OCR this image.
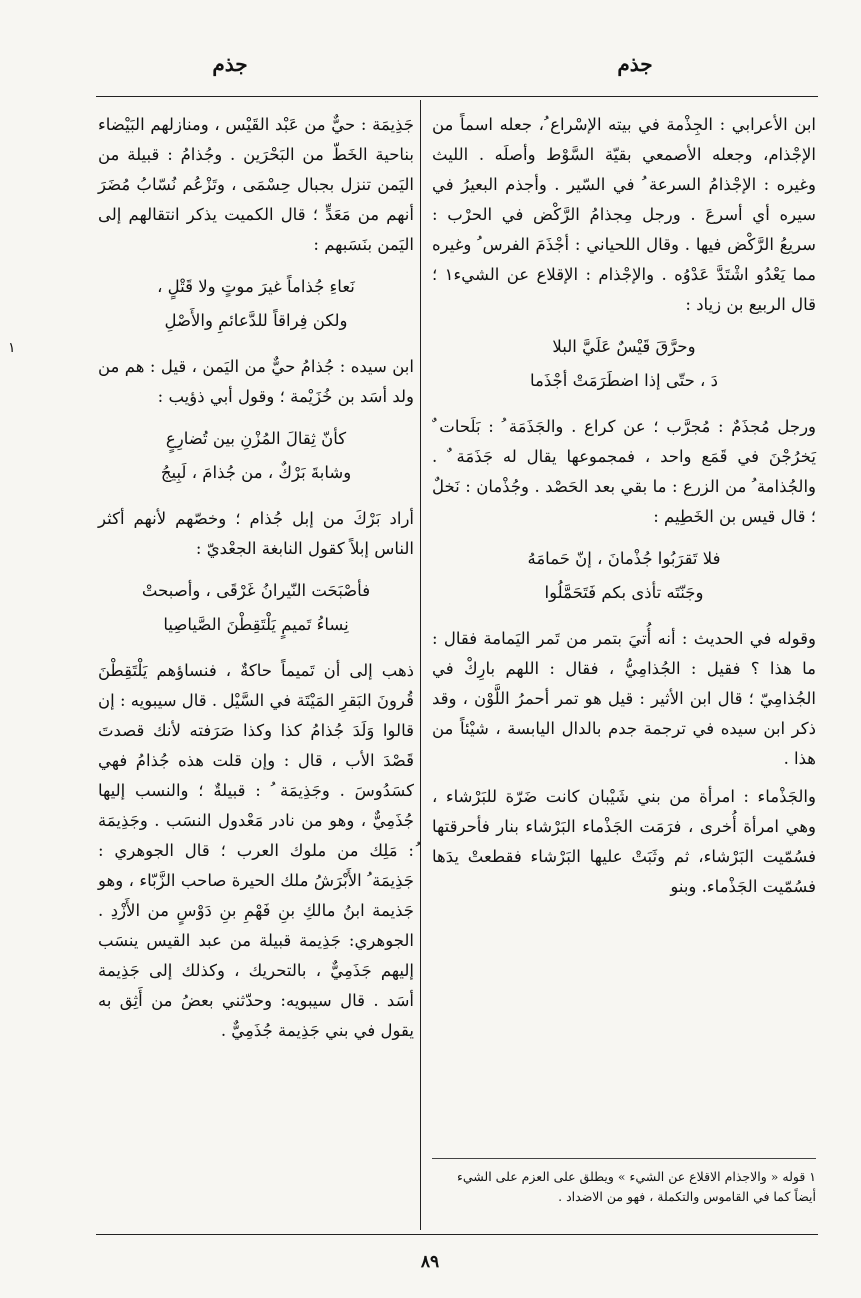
جذم
جذم

ابن الأعرابي : الجِذْمة في بيته الإسْراع ُ، جعله اسماً من الإجْذام، وجعله الأصمعي بقيّة السَّوْط وأصلَه . الليث وغيره : الإجْذامُ السرعة ُ في السّير . وأجذم البعيرُ في سيره أي أسرعَ . ورجل مِجذامُ الرَّكْض في الحرْب : سريعُ الرَّكْض فيها . وقال اللحياني : أجْذَمَ الفرس ُ وغيره مما يَعْدُو اشْتَدَّ عَدْوُه . والإجْذام : الإقلاع عن الشيء١ ؛ قال الربيع بن زياد :

وحرَّقَ قَيْسٌ عَلَيَّ البلا
دَ ، حتّى إذا اضطَرَمَتْ أجْذَما

ورجل مُجذَمٌ : مُجرَّب ؛ عن كراع . والجَذَمَة ُ : بَلَحات ٌ يَخرُجْنَ في قَمَع واحد ، فمجموعها يقال له جَذَمَة ٌ . والجُذامة ُ من الزرع : ما بقي بعد الحَصْد . وجُذْمان : نَخلٌ ؛ قال قيس بن الخَطِيم :

فلا تَقرَبُوا جُذْمانَ ، إنّ حَمامَهُ
وجَنّتَه تأذى بكم فَتَحَمَّلُوا

وقوله في الحديث : أنه أُتيَ بتمر من تَمر اليَمامة فقال : ما هذا ؟ فقيل : الجُذامِيُّ ، فقال : اللهم بارِكْ في الجُذامِيّ ؛ قال ابن الأثير : قيل هو تمر أحمرُ اللَّوْن ، وقد ذكر ابن سيده في ترجمة جدم بالدال اليابسة ، شيْئاً من هذا .

والجَذْماء : امرأة من بني شَيْبان كانت ضَرّة للبَرْشاء ، وهي امرأة أُخرى ، فرَمَت الجَذْماء البَرْشاء بنار فأحرقتها فسُمّيت البَرْشاء، ثم وثَبَتْ عليها البَرْشاء فقطعتْ يدَها فسُمّيت الجَذْماء. وبنو

جَذِيمَة : حيٌّ من عَبْد القَيْس ، ومنازلهم البَيْضاء بناحية الخَطّ من البَحْرَين . وجُذامُ : قبيلة من اليَمن تنزل بجبال حِسْمَى ، وتَزْعُم نُسّابُ مُضَرَ أنهم من مَعَدٍّ ؛ قال الكميت يذكر انتقالهم إلى اليَمن بنَسَبهم :

نَعاءِ جُذاماً غيرَ موتٍ ولا قَتْلٍ ،
ولكن فِراقاً للدَّعائمِ والأَصْلِ

ابن سيده : جُذامُ حيٌّ من اليَمن ، قيل : هم من ولد أسَد بن خُزَيْمة ؛ وقول أبي ذؤيب :

كأنّ ثِقالَ المُزْنِ بين تُضارِعٍ
وشابةَ بَرْكٌ ، من جُذامَ ، لَبِيجُ

أراد بَرْكَ من إبل جُذام ؛ وخصّهم لأنهم أكثر الناس إبلاً كقول النابغة الجعْديّ :

فأصْبَحَت النّيرانُ غَرْقَى ، وأصبحتْ
نِساءُ تَميمٍ يَلْتَقِطْنَ الصَّياصِيا

ذهب إلى أن تَميماً حاكةٌ ، فنساؤهم يَلْتَقِطْنَ قُرونَ البَقرِ المَيْتَة في السَّيْل . قال سيبويه : إن قالوا وَلَدَ جُذامُ كذا وكذا صَرَفته لأنك قصدتَ قَصْدَ الأب ، قال : وإن قلت هذه جُذامُ فهي كسَدُوسَ . وجَذِيمَة ُ : قبيلةٌ ؛ والنسب إليها جُذَمِيٌّ ، وهو من نادر مَعْدول النسَب . وجَذِيمَة ُ: مَلِك من ملوك العرب ؛ قال الجوهري : جَذِيمَة ُ الأَبْرَشُ ملك الحيرة صاحب الزَّبّاء ، وهو جَذيمة ابنُ مالكِ بنِ فَهْمِ بنِ دَوْسٍ من الأَزْدِ . الجوهري: جَذِيمة قبيلة من عبد القيس ينسَب إليهم جَذَمِيٌّ ، بالتحريك ، وكذلك إلى جَذِيمة أسَد . قال سيبويه: وحدّثني بعضُ من أَثِق به يقول في بني جَذِيمة جُذَمِيٌّ .

١
١ قوله « والاجذام الاقلاع عن الشيء » ويطلق على العزم على الشيء أيضاً كما في القاموس والتكملة ، فهو من الاضداد .
٨٩
